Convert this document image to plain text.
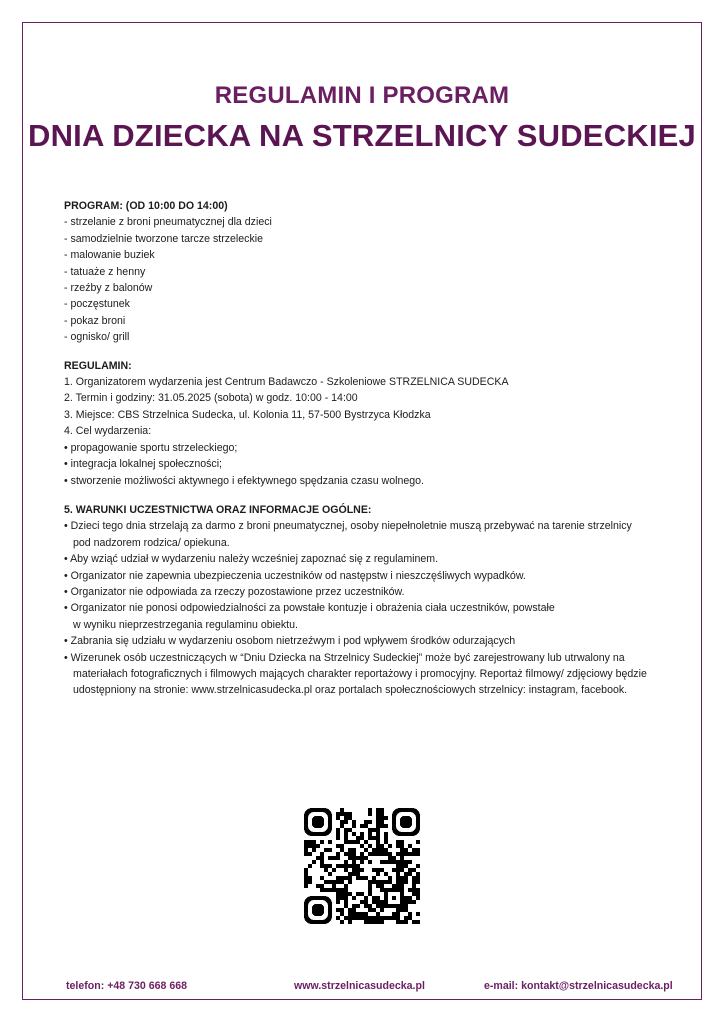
REGULAMIN I PROGRAM
DNIA DZIECKA NA STRZELNICY SUDECKIEJ
PROGRAM: (OD 10:00 DO 14:00)
- strzelanie z broni pneumatycznej dla dzieci
- samodzielnie tworzone tarcze strzeleckie
- malowanie buziek
- tatuaże z henny
- rzeźby z balonów
- poczęstunek
- pokaz broni
- ognisko/ grill
REGULAMIN:
1. Organizatorem wydarzenia jest Centrum Badawczo - Szkoleniowe STRZELNICA SUDECKA
2. Termin i godziny: 31.05.2025 (sobota) w godz. 10:00 - 14:00
3. Miejsce: CBS Strzelnica Sudecka, ul. Kolonia 11, 57-500 Bystrzyca Kłodzka
4. Cel wydarzenia:
• propagowanie sportu strzeleckiego;
• integracja lokalnej społeczności;
• stworzenie możliwości aktywnego i efektywnego spędzania czasu wolnego.
5. WARUNKI UCZESTNICTWA ORAZ INFORMACJE OGÓLNE:
• Dzieci tego dnia strzelają za darmo z broni pneumatycznej, osoby niepełnoletnie muszą przebywać na tarenie strzelnicy
pod nadzorem rodzica/ opiekuna.
• Aby wziąć udział w wydarzeniu należy wcześniej zapoznać się z regulaminem.
• Organizator nie zapewnia ubezpieczenia uczestników od następstw i nieszczęśliwych wypadków.
• Organizator nie odpowiada za rzeczy pozostawione przez uczestników.
• Organizator nie ponosi odpowiedzialności za powstałe kontuzje i obrażenia ciała uczestników, powstałe
w wyniku nieprzestrzegania regulaminu obiektu.
• Zabrania się udziału w wydarzeniu osobom nietrzeźwym i pod wpływem środków odurzających
• Wizerunek osób uczestniczących w “Dniu Dziecka na Strzelnicy Sudeckiej” może być zarejestrowany lub utrwalony na
materiałach fotograficznych i filmowych mających charakter reportażowy i promocyjny. Reportaż filmowy/ zdjęciowy będzie
udostępniony na stronie: www.strzelnicasudecka.pl oraz portalach społecznościowych strzelnicy: instagram, facebook.
telefon: +48 730 668 668	www.strzelnicasudecka.pl	e-mail: kontakt@strzelnicasudecka.pl
